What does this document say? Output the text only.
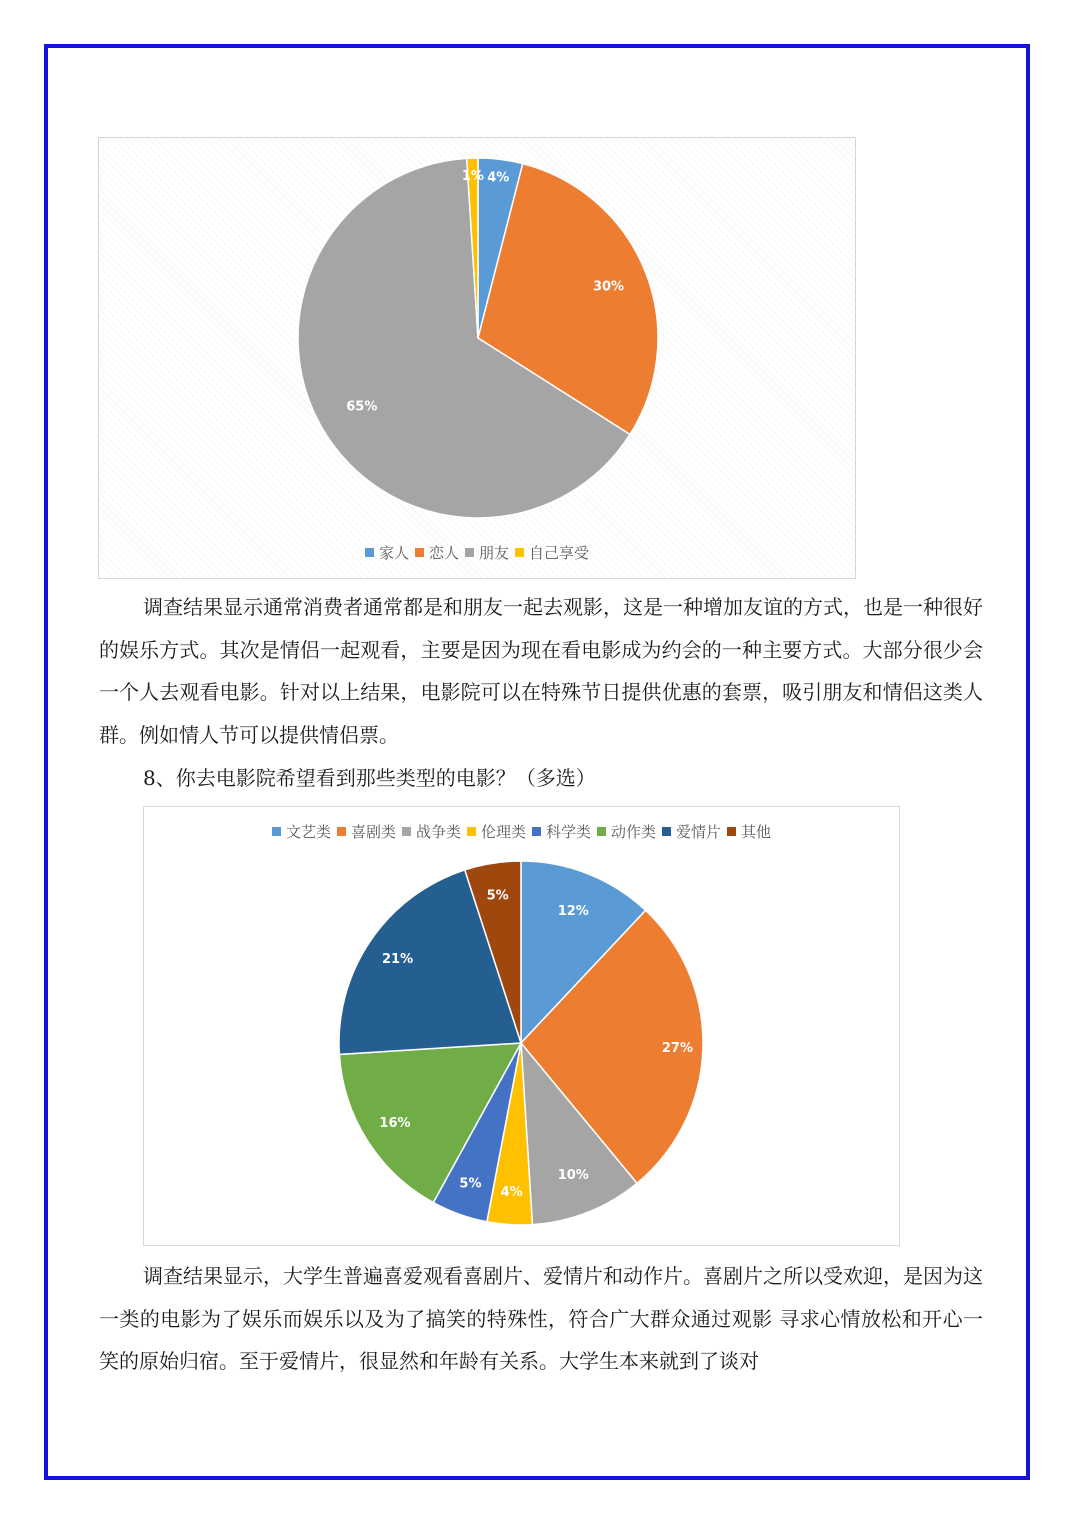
4%
30%
65%
1%
家人 恋人 朋友 自己享受

调查结果显示通常消费者通常都是和朋友一起去观影，这是一种增加友谊的方式，也是一种很好的娱乐方式。其次是情侣一起观看，主要是因为现在看电影成为约会的一种主要方式。大部分很少会一个人去观看电影。针对以上结果，电影院可以在特殊节日提供优惠的套票，吸引朋友和情侣这类人群。例如情人节可以提供情侣票。

8、你去电影院希望看到那些类型的电影？（多选）

12%
27%
10%
4%
5%
16%
21%
5%
文艺类 喜剧类 战争类 伦理类 科学类 动作类 爱情片 其他

调查结果显示，大学生普遍喜爱观看喜剧片、爱情片和动作片。喜剧片之所以受欢迎，是因为这一类的电影为了娱乐而娱乐以及为了搞笑的特殊性，符合广大群众通过观影 寻求心情放松和开心一笑的原始归宿。至于爱情片，很显然和年龄有关系。大学生本来就到了谈对
